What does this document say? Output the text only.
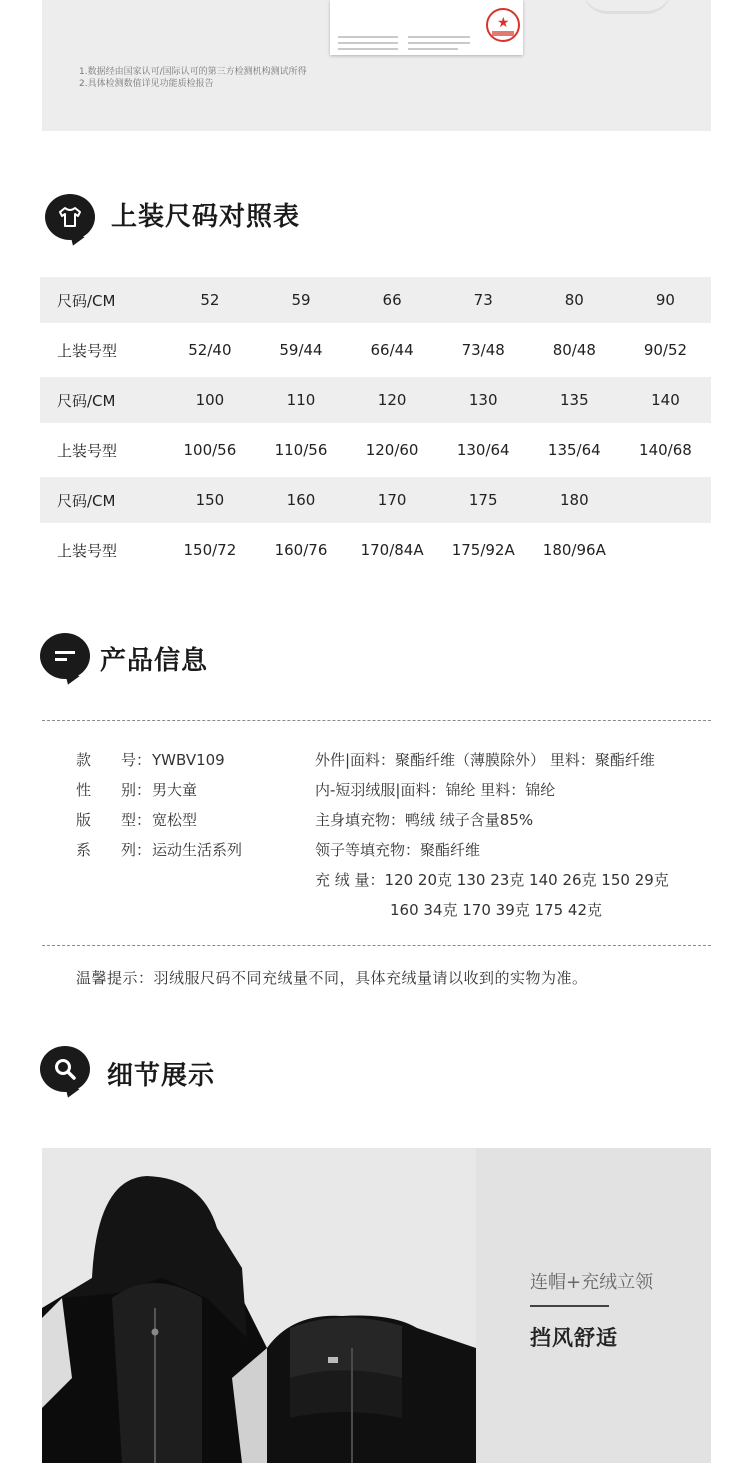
★
1.数据经由国家认可/国际认可的第三方检测机构测试所得
2.具体检测数值详见功能质检报告
上装尺码对照表
尺码/CM	52	59	66	73	80	90
上装号型	52/40	59/44	66/44	73/48	80/48	90/52
尺码/CM	100	110	120	130	135	140
上装号型	100/56	110/56	120/60	130/64	135/64	140/68
尺码/CM	150	160	170	175	180
上装号型	150/72	160/76	170/84A	175/92A	180/96A
产品信息
款　　号：YWBV109
性　　别：男大童
版　　型：宽松型
系　　列：运动生活系列
外件|面料：聚酯纤维（薄膜除外） 里料：聚酯纤维
内-短羽绒服|面料：锦纶 里料：锦纶
主身填充物：鸭绒 绒子含量85%
领子等填充物：聚酯纤维
充 绒 量：120 20克 130 23克 140 26克 150 29克
160 34克 170 39克 175 42克
温馨提示：羽绒服尺码不同充绒量不同，具体充绒量请以收到的实物为准。
细节展示
连帽+充绒立领
挡风舒适
